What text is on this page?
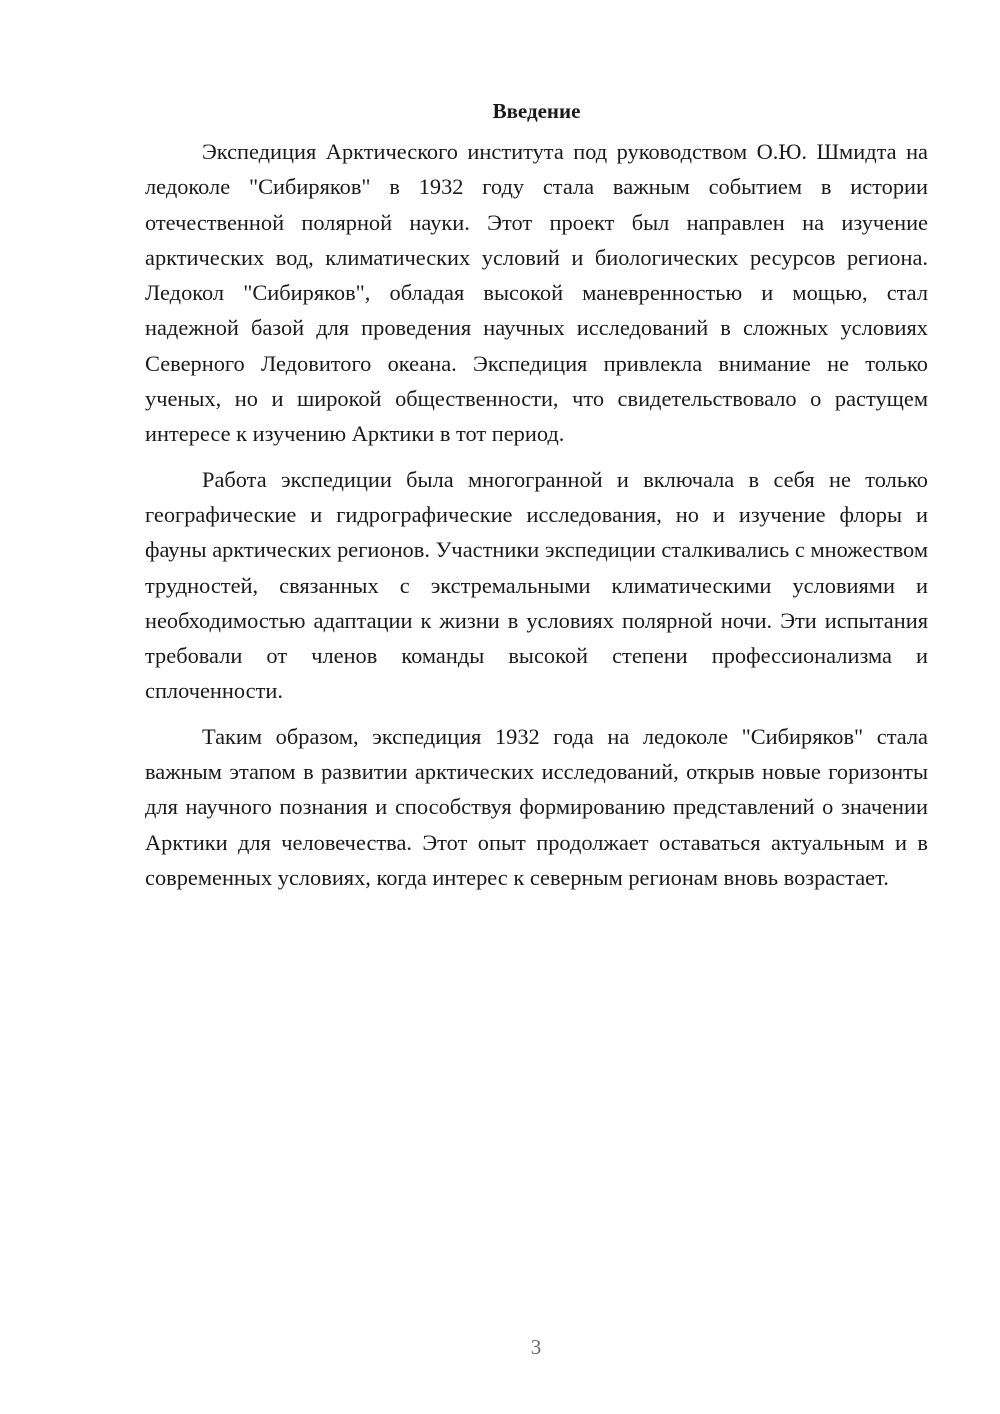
Введение

Экспедиция Арктического института под руководством О.Ю. Шмидта на ледоколе "Сибиряков" в 1932 году стала важным событием в истории отечественной полярной науки. Этот проект был направлен на изучение арктических вод, климатических условий и биологических ресурсов региона. Ледокол "Сибиряков", обладая высокой маневренностью и мощью, стал надежной базой для проведения научных исследований в сложных условиях Северного Ледовитого океана. Экспедиция привлекла внимание не только ученых, но и широкой общественности, что свидетельствовало о растущем интересе к изучению Арктики в тот период.

Работа экспедиции была многогранной и включала в себя не только географические и гидрографические исследования, но и изучение флоры и фауны арктических регионов. Участники экспедиции сталкивались с множеством трудностей, связанных с экстремальными климатическими условиями и необходимостью адаптации к жизни в условиях полярной ночи. Эти испытания требовали от членов команды высокой степени профессионализма и сплоченности.

Таким образом, экспедиция 1932 года на ледоколе "Сибиряков" стала важным этапом в развитии арктических исследований, открыв новые горизонты для научного познания и способствуя формированию представлений о значении Арктики для человечества. Этот опыт продолжает оставаться актуальным и в современных условиях, когда интерес к северным регионам вновь возрастает.

3
